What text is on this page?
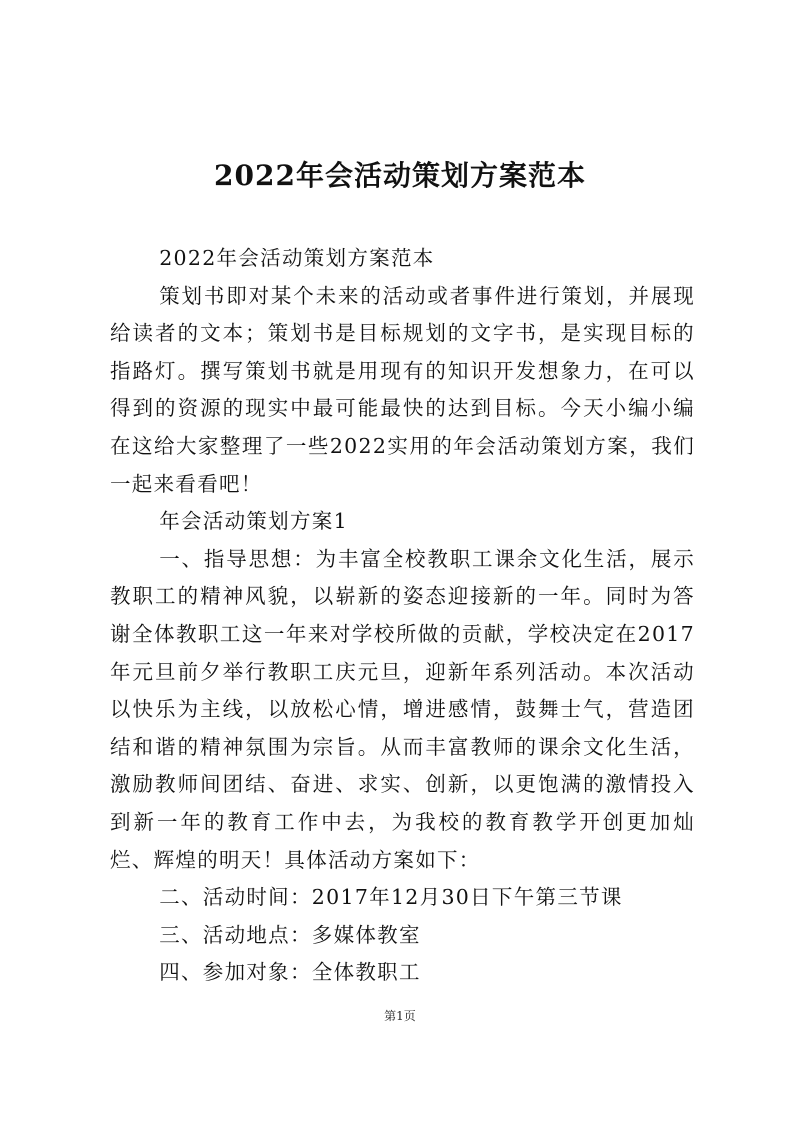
2022年会活动策划方案范本

2022年会活动策划方案范本

策划书即对某个未来的活动或者事件进行策划，并展现给读者的文本；策划书是目标规划的文字书，是实现目标的指路灯。撰写策划书就是用现有的知识开发想象力，在可以得到的资源的现实中最可能最快的达到目标。今天小编小编在这给大家整理了一些2022实用的年会活动策划方案，我们一起来看看吧！

年会活动策划方案1

一、指导思想：为丰富全校教职工课余文化生活，展示教职工的精神风貌，以崭新的姿态迎接新的一年。同时为答谢全体教职工这一年来对学校所做的贡献，学校决定在2017年元旦前夕举行教职工庆元旦，迎新年系列活动。本次活动以快乐为主线，以放松心情，增进感情，鼓舞士气，营造团结和谐的精神氛围为宗旨。从而丰富教师的课余文化生活，激励教师间团结、奋进、求实、创新，以更饱满的激情投入到新一年的教育工作中去，为我校的教育教学开创更加灿烂、辉煌的明天！具体活动方案如下：

二、活动时间：2017年12月30日下午第三节课

三、活动地点：多媒体教室

四、参加对象：全体教职工

第1页
